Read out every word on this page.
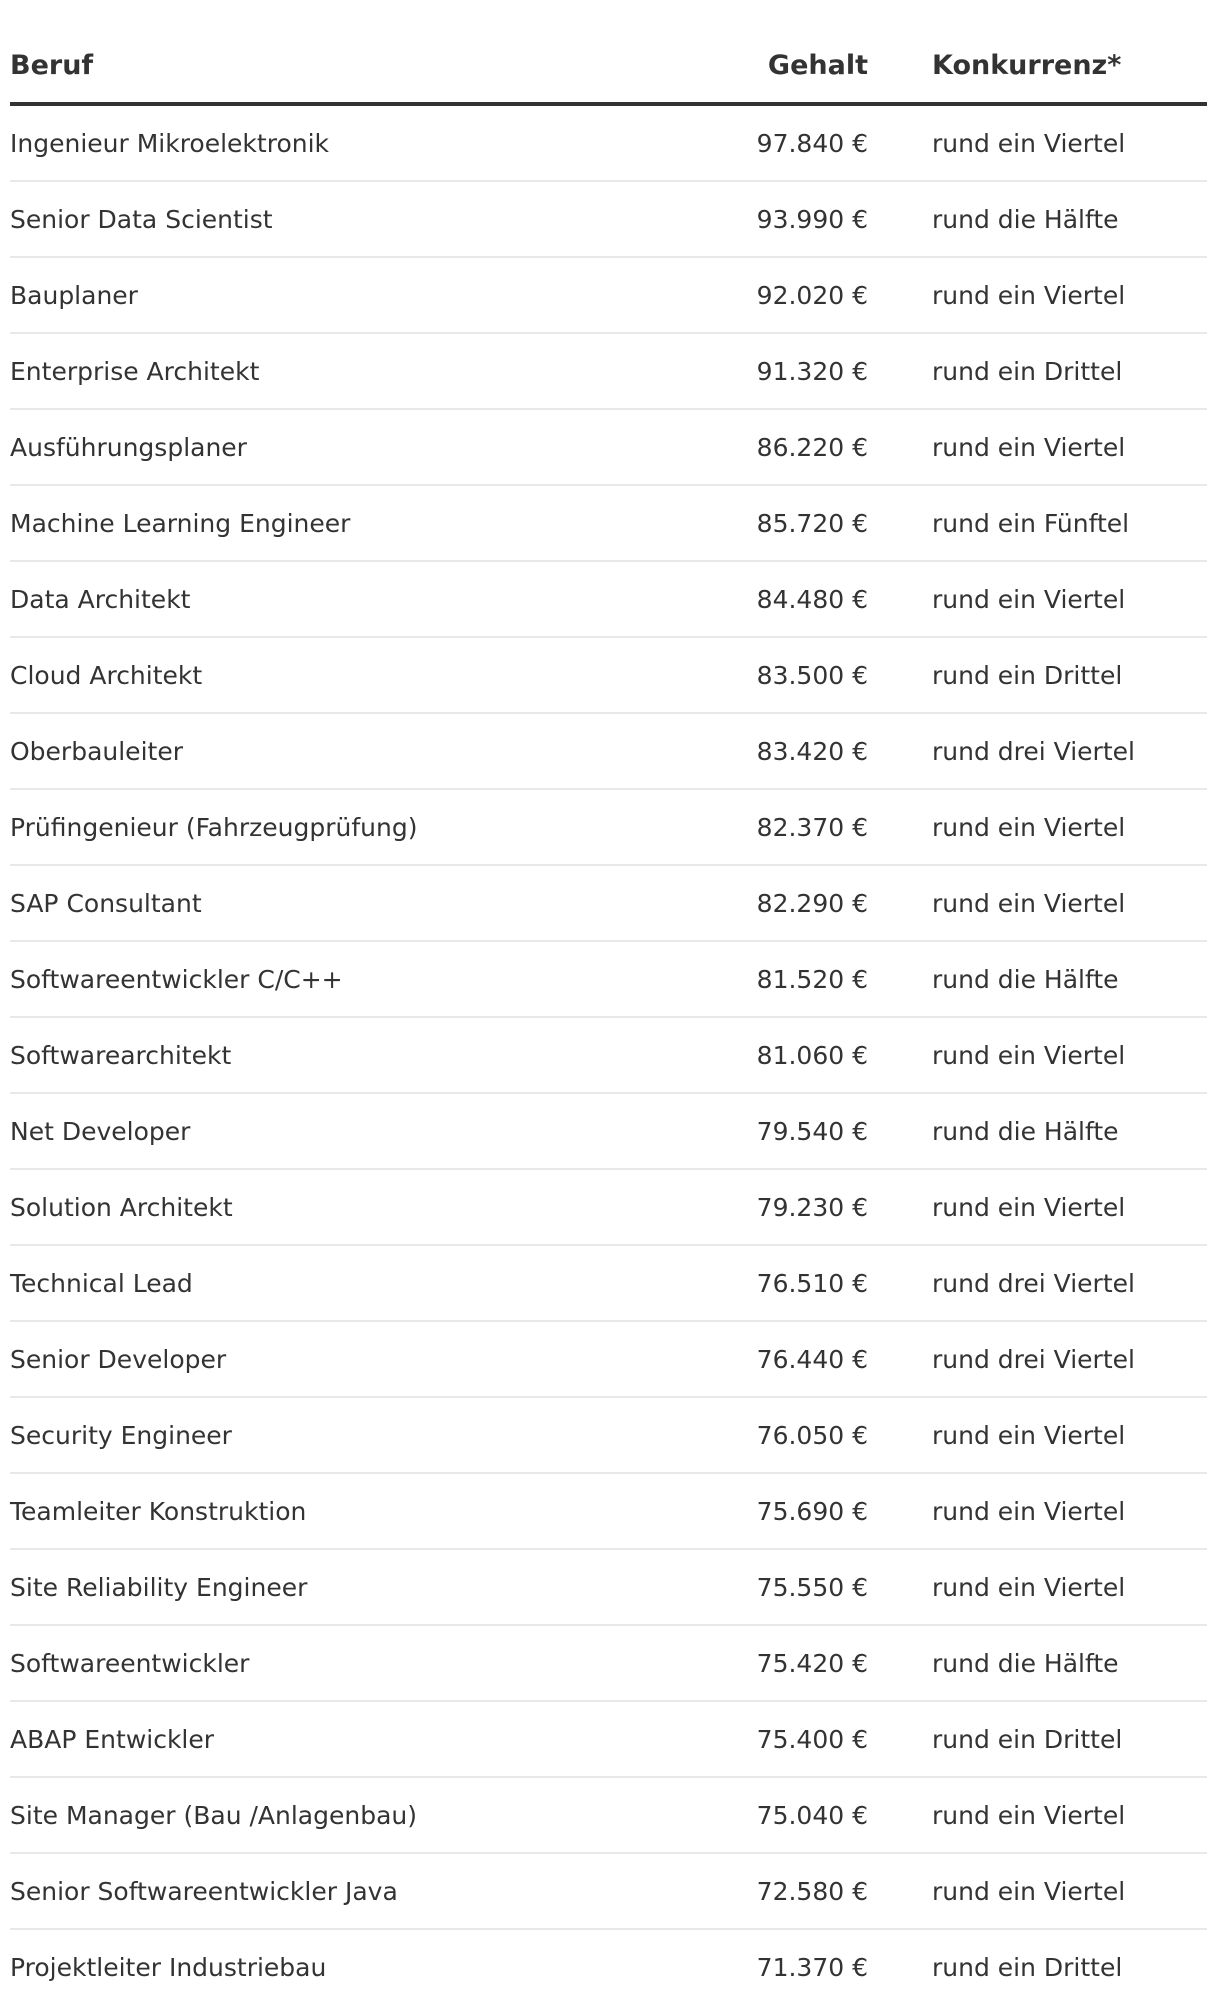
Beruf	Gehalt	Konkurrenz*
Ingenieur Mikroelektronik	97.840 €	rund ein Viertel
Senior Data Scientist	93.990 €	rund die Hälfte
Bauplaner	92.020 €	rund ein Viertel
Enterprise Architekt	91.320 €	rund ein Drittel
Ausführungsplaner	86.220 €	rund ein Viertel
Machine Learning Engineer	85.720 €	rund ein Fünftel
Data Architekt	84.480 €	rund ein Viertel
Cloud Architekt	83.500 €	rund ein Drittel
Oberbauleiter	83.420 €	rund drei Viertel
Prüfingenieur (Fahrzeugprüfung)	82.370 €	rund ein Viertel
SAP Consultant	82.290 €	rund ein Viertel
Softwareentwickler C/C++	81.520 €	rund die Hälfte
Softwarearchitekt	81.060 €	rund ein Viertel
Net Developer	79.540 €	rund die Hälfte
Solution Architekt	79.230 €	rund ein Viertel
Technical Lead	76.510 €	rund drei Viertel
Senior Developer	76.440 €	rund drei Viertel
Security Engineer	76.050 €	rund ein Viertel
Teamleiter Konstruktion	75.690 €	rund ein Viertel
Site Reliability Engineer	75.550 €	rund ein Viertel
Softwareentwickler	75.420 €	rund die Hälfte
ABAP Entwickler	75.400 €	rund ein Drittel
Site Manager (Bau /Anlagenbau)	75.040 €	rund ein Viertel
Senior Softwareentwickler Java	72.580 €	rund ein Viertel
Projektleiter Industriebau	71.370 €	rund ein Drittel
